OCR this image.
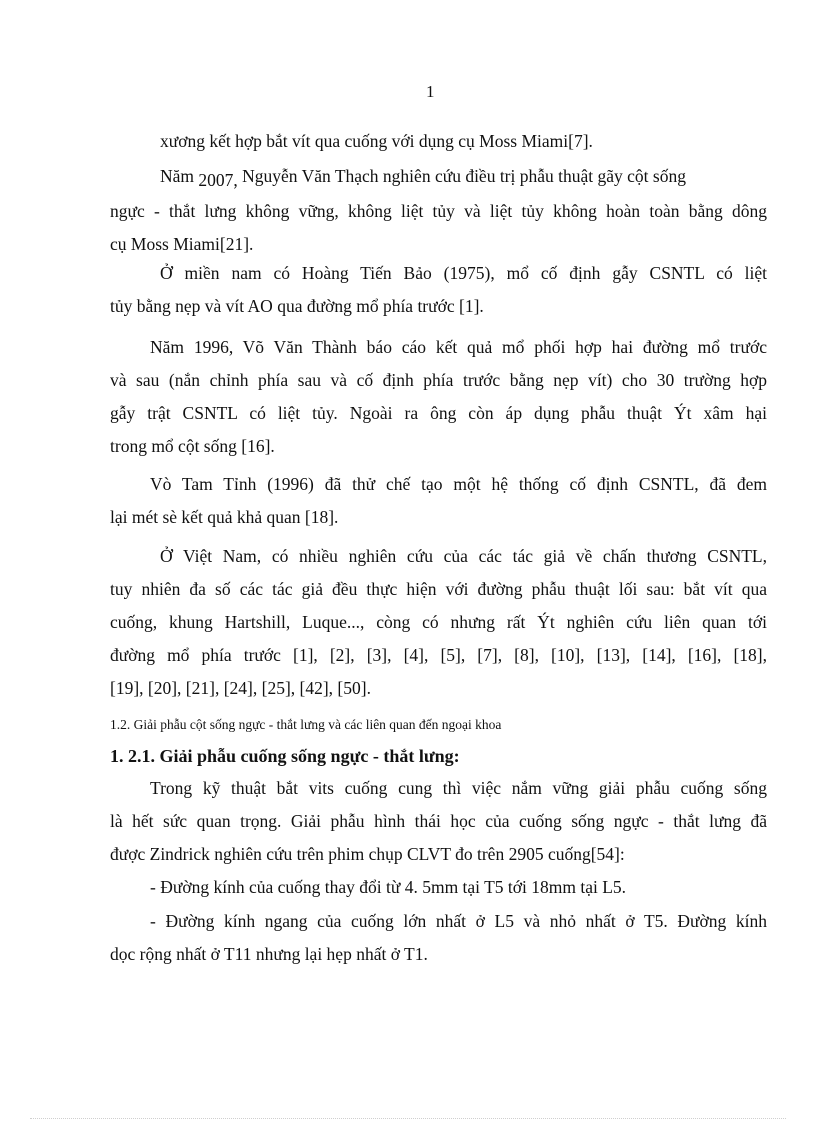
1
xương kết hợp bắt vít qua cuống với dụng cụ Moss Miami[7].
Năm 2007, Nguyễn Văn Thạch nghiên cứu điều trị phẫu thuật gãy cột sống
ngực - thắt lưng không vững, không liệt tủy và liệt tủy không hoàn toàn bằng dông
cụ Moss Miami[21].
Ở miền nam có Hoàng Tiến Bảo (1975), mổ cố định gẫy CSNTL có liệt
tủy bằng nẹp và vít AO qua đường mổ phía trước [1].
Năm 1996, Võ Văn Thành báo cáo kết quả mổ phối hợp hai đường mổ trước
và sau (nắn chỉnh phía sau và cố định phía trước bằng nẹp vít) cho 30 trường hợp
gẫy trật CSNTL có liệt tủy. Ngoài ra ông còn áp dụng phẫu thuật Ýt xâm hại
trong mổ cột sống [16].
Vò Tam Tỉnh (1996) đã thử chế tạo một hệ thống cố định CSNTL, đã đem
lại mét sè kết quả khả quan [18].
Ở Việt Nam, có nhiều nghiên cứu của các tác giả về chấn thương CSNTL,
tuy nhiên đa số các tác giả đều thực hiện với đường phẫu thuật lối sau: bắt vít qua
cuống, khung Hartshill, Luque..., còng có nhưng rất Ýt nghiên cứu liên quan tới
đường mổ phía trước [1], [2], [3], [4], [5], [7], [8], [10], [13], [14], [16], [18],
[19], [20], [21], [24], [25], [42], [50].
1.2. Giải phẫu cột sống ngực - thắt lưng và các liên quan đến ngoại khoa
1. 2.1. Giải phẫu cuống sống ngực - thắt lưng:
Trong kỹ thuật bắt vits cuống cung thì việc nắm vững giải phẫu cuống sống
là hết sức quan trọng. Giải phẫu hình thái học của cuống sống ngực - thắt lưng đã
được Zindrick nghiên cứu trên phim chụp CLVT đo trên 2905 cuống[54]:
- Đường kính của cuống thay đổi từ 4. 5mm tại T5 tới 18mm tại L5.
- Đường kính ngang của cuống lớn nhất ở L5 và nhỏ nhất ở T5. Đường kính
dọc rộng nhất ở T11 nhưng lại hẹp nhất ở T1.
